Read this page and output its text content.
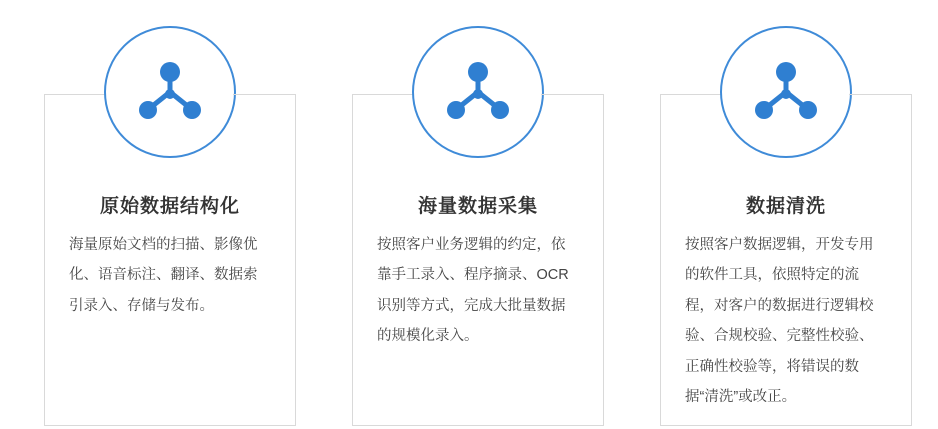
原始数据结构化
海量原始文档的扫描、影像优化、语音标注、翻译、数据索引录入、存储与发布。
海量数据采集
按照客户业务逻辑的约定，依靠手工录入、程序摘录、OCR识别等方式，完成大批量数据的规模化录入。
数据清洗
按照客户数据逻辑，开发专用的软件工具，依照特定的流程，对客户的数据进行逻辑校验、合规校验、完整性校验、正确性校验等，将错误的数据“清洗”或改正。
